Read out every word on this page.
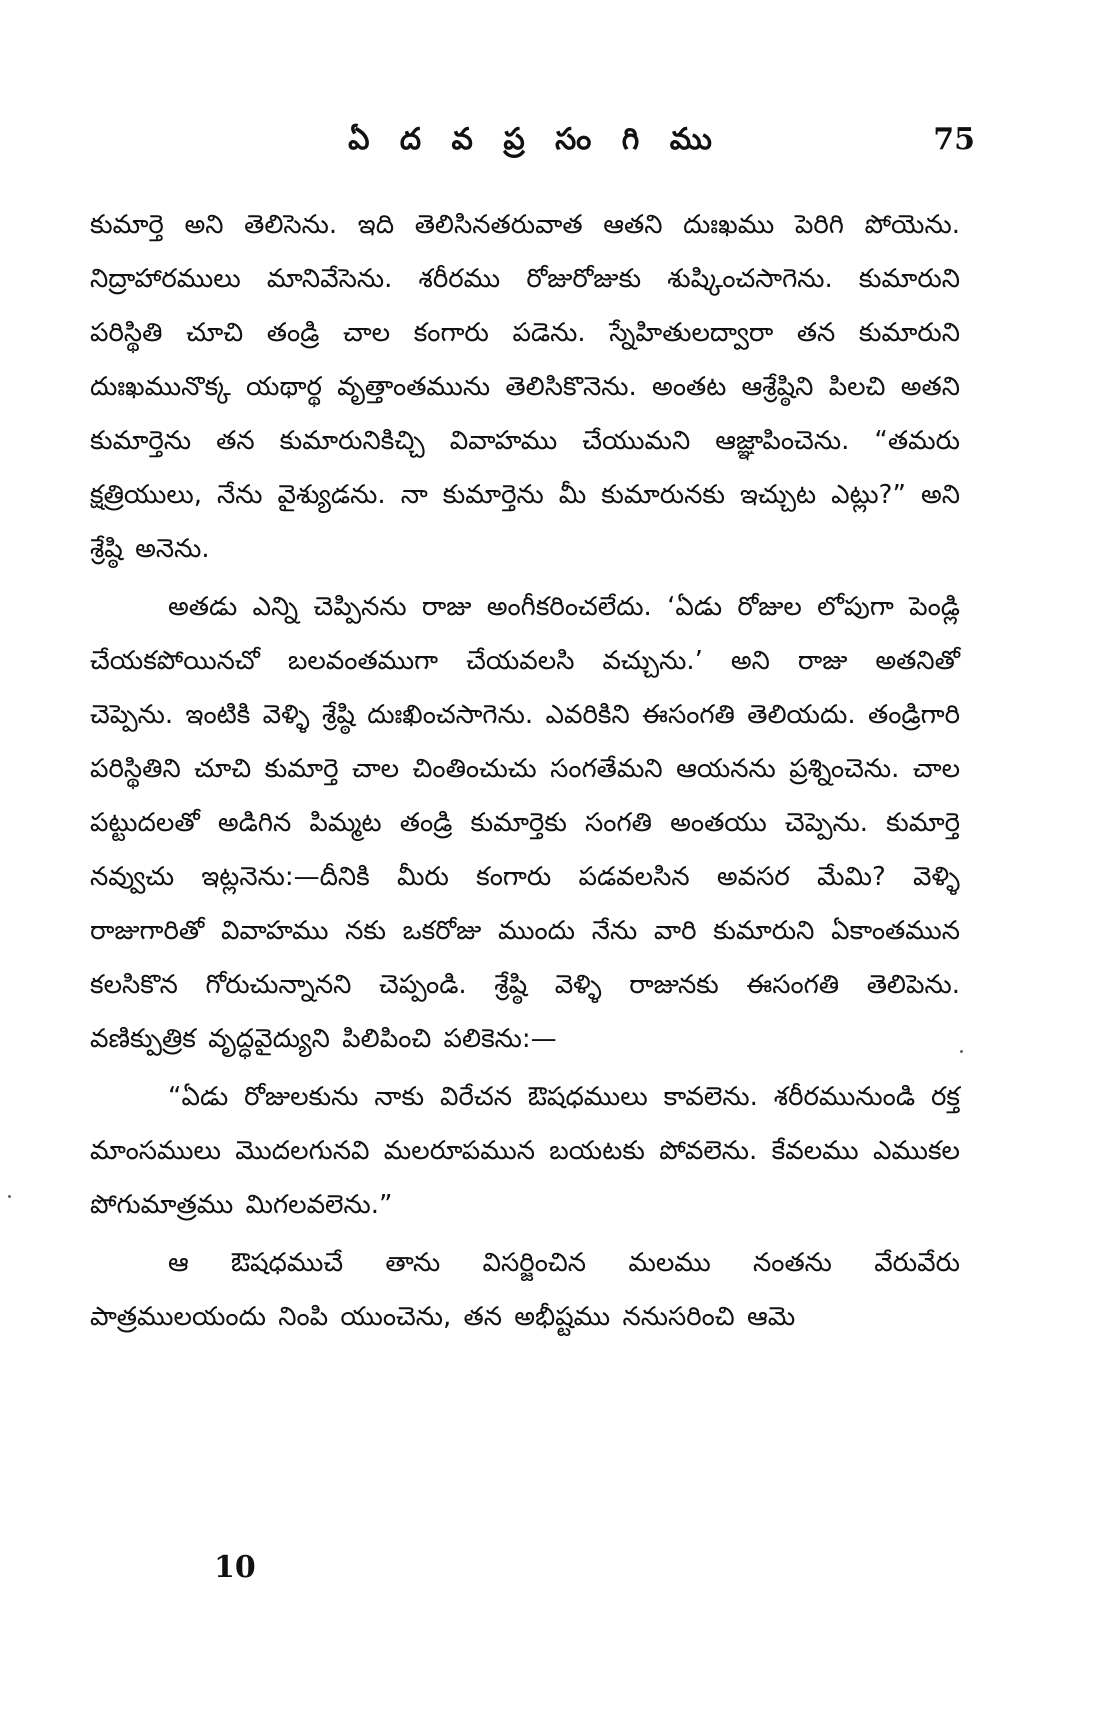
ఏ ద వ ప్ర సం గి ము	75

కుమార్తె అని తెలిసెను. ఇది తెలిసినతరువాత ఆతని దుఃఖము పెరిగి పోయెను. నిద్రాహారములు మానివేసెను. శరీరము రోజురోజుకు శుష్కించసాగెను. కుమారుని పరిస్థితి చూచి తండ్రి చాల కంగారు పడెను. స్నేహితులద్వారా తన కుమారుని దుఃఖమునొక్క యథార్థ వృత్తాంతమును తెలిసికొనెను. అంతట ఆశ్రేష్ఠిని పిలచి అతని కుమార్తెను తన కుమారునికిచ్చి వివాహము చేయుమని ఆజ్ఞాపించెను. “తమరు క్షత్రియులు, నేను వైశ్యుడను. నా కుమార్తెను మీ కుమారునకు ఇచ్చుట ఎట్లు?” అని శ్రేష్ఠి అనెను.

అతడు ఎన్ని చెప్పినను రాజు అంగీకరించలేదు. ‘ఏడు రోజుల లోపుగా పెండ్లి చేయకపోయినచో బలవంతముగా చేయవలసి వచ్చును.’ అని రాజు అతనితో చెప్పెను. ఇంటికి వెళ్ళి శ్రేష్ఠి దుఃఖించసాగెను. ఎవరికిని ఈసంగతి తెలియదు. తండ్రిగారి పరిస్థితిని చూచి కుమార్తె చాల చింతించుచు సంగతేమని ఆయనను ప్రశ్నించెను. చాల పట్టుదలతో అడిగిన పిమ్మట తండ్రి కుమార్తెకు సంగతి అంతయు చెప్పెను. కుమార్తె నవ్వుచు ఇట్లనెను:—దీనికి మీరు కంగారు పడవలసిన అవసర మేమి? వెళ్ళి రాజుగారితో వివాహము నకు ఒకరోజు ముందు నేను వారి కుమారుని ఏకాంతమున కలసికొన గోరుచున్నానని చెప్పండి. శ్రేష్ఠి వెళ్ళి రాజునకు ఈసంగతి తెలిపెను. వణిక్పుత్రిక వృద్ధవైద్యుని పిలిపించి పలికెను:—

“ఏడు రోజులకును నాకు విరేచన ఔషధములు కావలెను. శరీరమునుండి రక్త మాంసములు మొదలగునవి మలరూపమున బయటకు పోవలెను. కేవలము ఎముకల పోగుమాత్రము మిగలవలెను.”

ఆ ఔషధముచే తాను విసర్జించిన మలము నంతను వేరువేరు పాత్రములయందు నింపి యుంచెను, తన అభీష్టము ననుసరించి ఆమె

10
